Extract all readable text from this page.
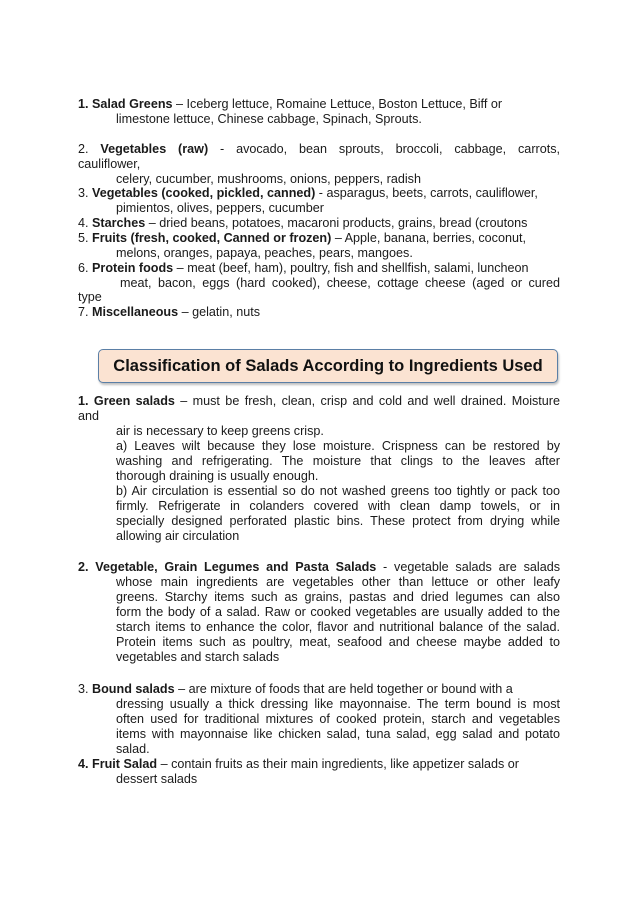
1. Salad Greens – Iceberg lettuce, Romaine Lettuce, Boston Lettuce, Biff or
limestone lettuce, Chinese cabbage, Spinach, Sprouts.
2. Vegetables (raw) - avocado, bean sprouts, broccoli, cabbage, carrots,
cauliflower,
celery, cucumber, mushrooms, onions, peppers, radish
3. Vegetables (cooked, pickled, canned) - asparagus, beets, carrots, cauliflower,
pimientos, olives, peppers, cucumber
4. Starches – dried beans, potatoes, macaroni products, grains, bread (croutons
5. Fruits (fresh, cooked, Canned or frozen) – Apple, banana, berries, coconut,
melons, oranges, papaya, peaches, pears, mangoes.
6. Protein foods – meat (beef, ham), poultry, fish and shellfish, salami, luncheon
meat, bacon, eggs (hard cooked), cheese, cottage cheese (aged or cured
type
7. Miscellaneous – gelatin, nuts
Classification of Salads According to Ingredients Used
1. Green salads – must be fresh, clean, crisp and cold and well drained. Moisture
and
air is necessary to keep greens crisp.
a) Leaves wilt because they lose moisture. Crispness can be restored by
washing and refrigerating. The moisture that clings to the leaves after
thorough draining is usually enough.
b) Air circulation is essential so do not washed greens too tightly or pack too
firmly. Refrigerate in colanders covered with clean damp towels, or in
specially designed perforated plastic bins. These protect from drying while
allowing air circulation
2. Vegetable, Grain Legumes and Pasta Salads - vegetable salads are salads
whose main ingredients are vegetables other than lettuce or other leafy
greens. Starchy items such as grains, pastas and dried legumes can also
form the body of a salad. Raw or cooked vegetables are usually added to the
starch items to enhance the color, flavor and nutritional balance of the salad.
Protein items such as poultry, meat, seafood and cheese maybe added to
vegetables and starch salads
3. Bound salads – are mixture of foods that are held together or bound with a
dressing usually a thick dressing like mayonnaise. The term bound is most
often used for traditional mixtures of cooked protein, starch and vegetables
items with mayonnaise like chicken salad, tuna salad, egg salad and potato
salad.
4. Fruit Salad – contain fruits as their main ingredients, like appetizer salads or
dessert salads
